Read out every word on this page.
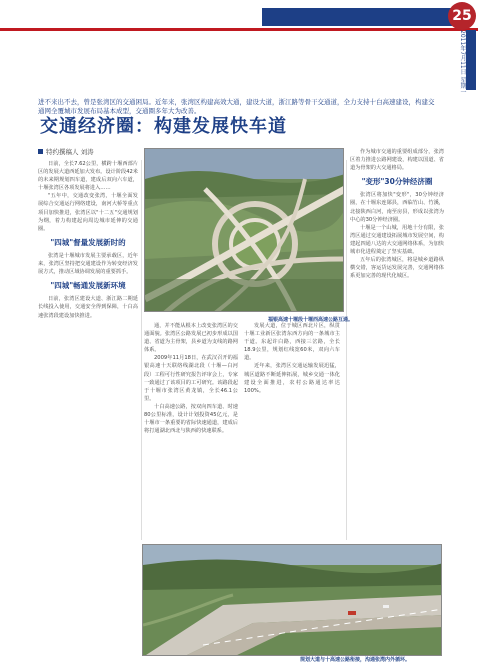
25
2011年7月11日 星期一
进不来出不去，曾是张湾区的交通困局。近年来，张湾区构建高效大通，建设大道，浙江路等骨干交通道，全力支持十白高速建设，构建交通网全覆城市发展布局基本成型，交通圈多年大为改善。
交通经济圈：构建发展快车道
特约撰稿人 刘涛

日前，全长7.62公里，横跨十堰西部片区的发展大道西延加大发布。设计阶段42米的未来期规划四车道，建成后双向六车道，十堰张湾区各项发展将进入……

"五年中，交通改变张湾，十堰全面发展综合交通运行网络建设，南河大桥等重点项目加快推进，张湾区以"十二五"交通规划为纲，着力构建起向周边城市延伸的交通圈。

"四城"督量发展新时的

张湾是十堰城市发展主要承载区，近年来，张湾区坚持把交通建设作为转变经济发展方式，推动区域协调发展的重要抓手。

"四城"畅通发展新环境

日前，张湾区建设大道、浙江路二期延长线投入使用，交通安全得到保障，十白高速张湾段建设加快推进。

通，并不能从根本上改变张湾区的交通面貌。张湾区公路发展已初步形成以国道、省道为主骨架，县乡道为支线的路网体系。

2009年11月18日，在武汉召开的福银高速十天联络线湖北段（十堰—白河段）工程可行性研究报告评审会上，专家一致通过了该项目的工可研究。该路段起于十堰市张湾区黄龙镇，全长46.1公里。

十白高速公路，按双向四车道、时速80公里标准，设计计划投资45亿元，是十堰市一条重要的省际快速通道，建成后将打通湖北西北与陕西的快速联系。

发展大道，位于城区西北片区，纵贯十堰工业新区张湾东西方向的一条城市主干道。东起许白路，西接三岔路，全长18.9公里，规划红线宽60米，双向六车道。

近年来，张湾区交通运输发展迅猛，城区道路不断延伸拓展，城乡交通一体化建设全面推进，农村公路通达率达100%。

作为城市交通的重要组成部分，张湾区着力推进公路网建设，构建以国道、省道为骨架的大交通格局。

"变形"30分钟经济圈

张湾区将加快"变形"，30分钟经济圈，在十堰东连郧县，西临竹山、竹溪，北接陕西白河，南至房县，形成以张湾为中心的30分钟经济圈。

十堰是一个山城，用地十分有限，张湾区通过交通建设拓展城市发展空间，构建起四通八达的大交通网络体系，为加快城市化进程奠定了坚实基础。

五年后的张湾城区，将是城乡道路纵横交错，客运货运发展完善，交通网络体系更加完善的现代化城区。

福银高速十堰段十堰西高速公路互通。
规划大道与十高速公路衔接，沟通张湾内外循环。
